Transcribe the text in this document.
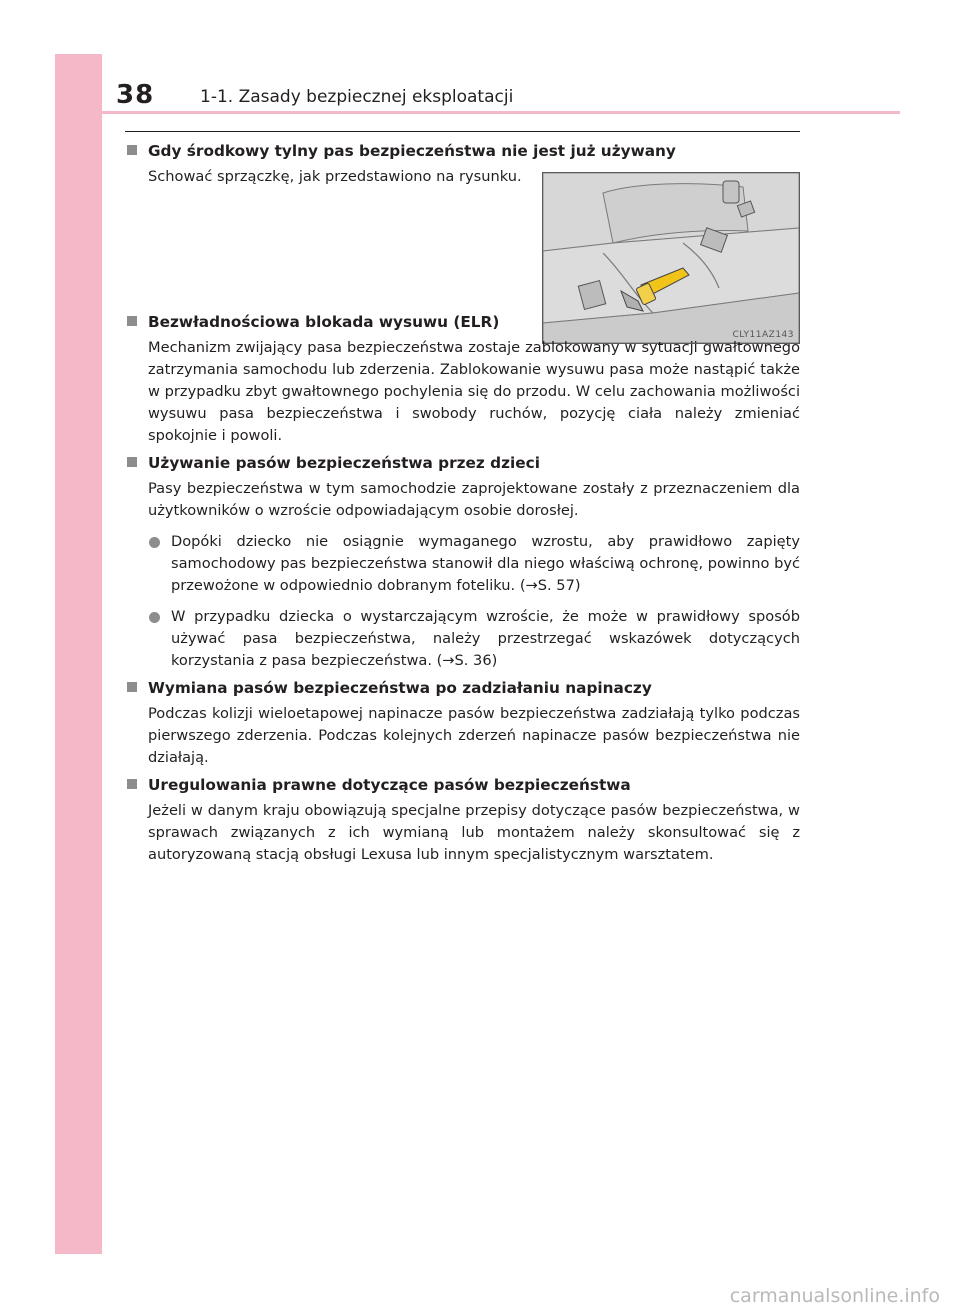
38	1-1. Zasady bezpiecznej eksploatacji
CLY11AZ143
Gdy środkowy tylny pas bezpieczeństwa nie jest już używany
Schować sprzączkę, jak przedstawiono na rysunku.
Bezwładnościowa blokada wysuwu (ELR)
Mechanizm zwijający pasa bezpieczeństwa zostaje zablokowany w sytuacji gwałtownego zatrzymania samochodu lub zderzenia. Zablokowanie wysuwu pasa może nastąpić także w przypadku zbyt gwałtownego pochylenia się do przodu. W celu zachowania możliwości wysuwu pasa bezpieczeństwa i swobody ruchów, pozycję ciała należy zmieniać spokojnie i powoli.
Używanie pasów bezpieczeństwa przez dzieci
Pasy bezpieczeństwa w tym samochodzie zaprojektowane zostały z przeznaczeniem dla użytkowników o wzroście odpowiadającym osobie dorosłej.
Dopóki dziecko nie osiągnie wymaganego wzrostu, aby prawidłowo zapięty samochodowy pas bezpieczeństwa stanowił dla niego właściwą ochronę, powinno być przewożone w odpowiednio dobranym foteliku. (→S. 57)
W przypadku dziecka o wystarczającym wzroście, że może w prawidłowy sposób używać pasa bezpieczeństwa, należy przestrzegać wskazówek dotyczących korzystania z pasa bezpieczeństwa. (→S. 36)
Wymiana pasów bezpieczeństwa po zadziałaniu napinaczy
Podczas kolizji wieloetapowej napinacze pasów bezpieczeństwa zadziałają tylko podczas pierwszego zderzenia. Podczas kolejnych zderzeń napinacze pasów bezpieczeństwa nie działają.
Uregulowania prawne dotyczące pasów bezpieczeństwa
Jeżeli w danym kraju obowiązują specjalne przepisy dotyczące pasów bezpieczeństwa, w sprawach związanych z ich wymianą lub montażem należy skonsultować się z autoryzowaną stacją obsługi Lexusa lub innym specjalistycznym warsztatem.
carmanualsonline.info
